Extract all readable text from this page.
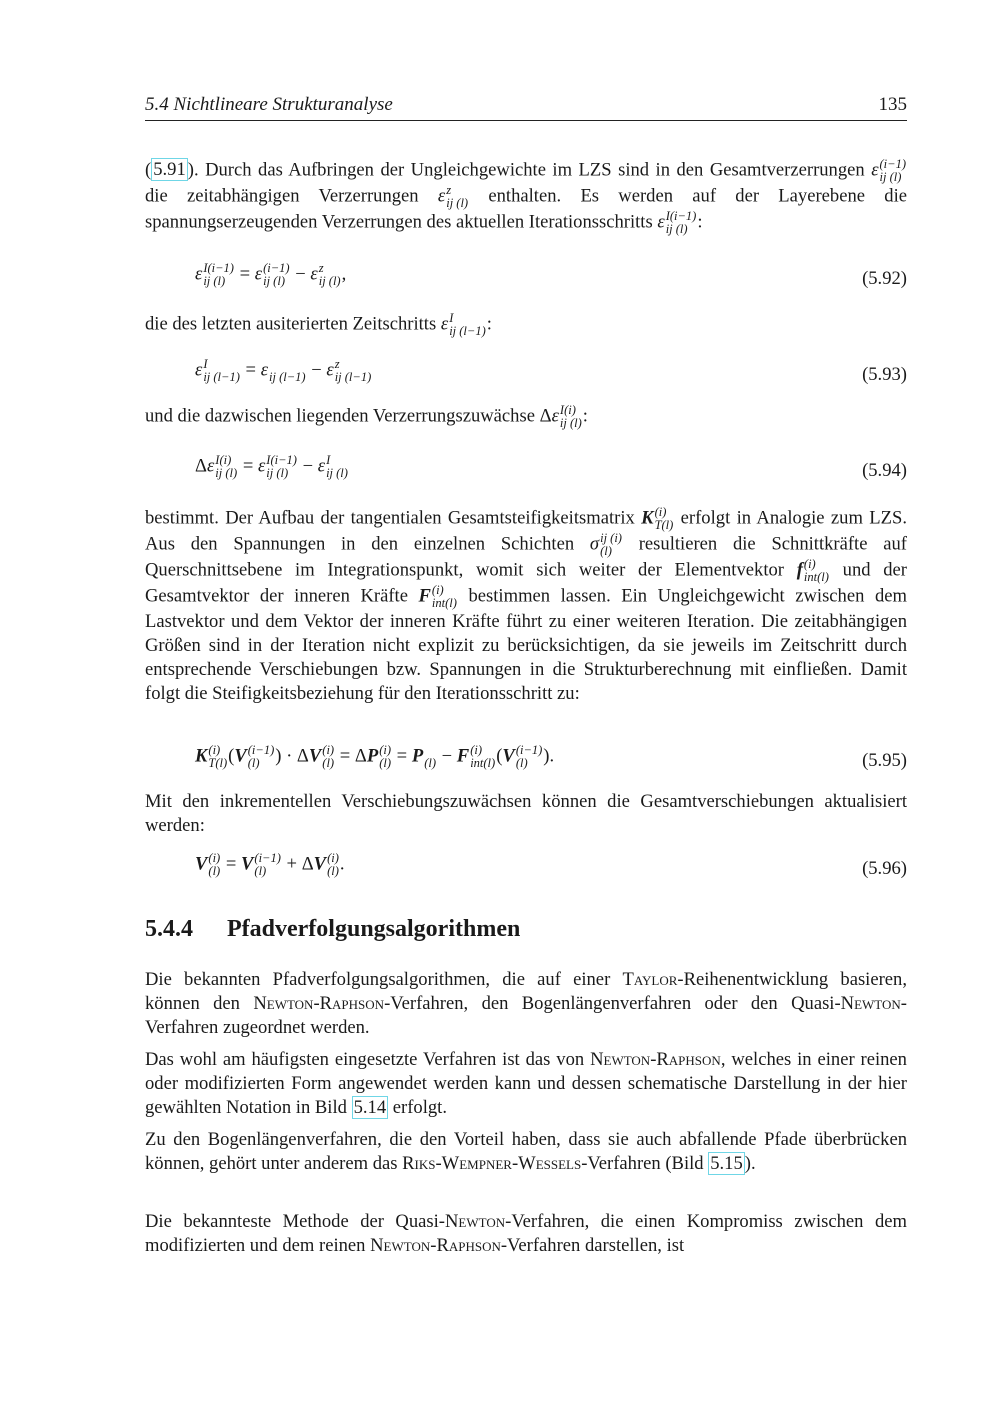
5.4 Nichtlineare Strukturanalyse	135
( 5.91 ). Durch das Aufbringen der Ungleichgewichte im LZS sind in den Gesamtverzerrungen ε (i−1)
ij (l)
die zeitabhängigen Verzerrungen ε z
ij (l) enthalten. Es werden auf der Layerebene die spannungserzeugenden Verzerrungen des aktuellen Iterationsschritts ε I(i−1)
ij (l) :
ε I(i−1)
ij (l) = ε (i−1)
ij (l) − ε z
ij (l) ,	(5.92)
die des letzten ausiterierten Zeitschritts ε I
ij (l−1) :
ε I
ij (l−1) = ε
ij (l−1) − ε z
ij (l−1)	(5.93)
und die dazwischen liegenden Verzerrungszuwächse Δε I(i)
ij (l) :
Δε I(i)
ij (l) = ε I(i−1)
ij (l) − ε I
ij (l)	(5.94)
bestimmt. Der Aufbau der tangentialen Gesamtsteifigkeitsmatrix K (i)
T(l) erfolgt in Analogie zum LZS. Aus den Spannungen in den einzelnen Schichten σ ij (i)
(l)	resultieren die Schnittkräfte auf Querschnittsebene im Integrationspunkt, womit sich weiter der Elementvektor f (i)
int(l) und der Gesamtvektor der inneren Kräfte F (i)
int(l) bestimmen lassen. Ein Ungleichgewicht zwischen dem Lastvektor und dem Vektor der inneren Kräfte führt zu einer weiteren Iteration. Die zeitabhängigen Größen sind in der Iteration nicht explizit zu berücksichtigen, da sie jeweils im Zeitschritt durch entsprechende Verschiebungen bzw. Spannungen in die Strukturberechnung mit einfließen. Damit folgt die Steifigkeitsbeziehung für den Iterationsschritt zu:
K (i)
T(l) (V (i−1)
(l) ) · ΔV (i)
(l) = ΔP (i)
(l) = P
(l) − F (i)
int(l) (V (i−1)
(l) ).	(5.95)
Mit den inkrementellen Verschiebungszuwächsen können die Gesamtverschiebungen aktualisiert werden:
V (i)
(l) = V (i−1)
(l) + ΔV (i)
(l) .	(5.96)
5.4.4 Pfadverfolgungsalgorithmen
Die bekannten Pfadverfolgungsalgorithmen, die auf einer Taylor-Reihenentwicklung basieren, können den Newton-Raphson-Verfahren, den Bogenlängenverfahren oder den Quasi-Newton-Verfahren zugeordnet werden.
Das wohl am häufigsten eingesetzte Verfahren ist das von Newton-Raphson, welches in einer reinen oder modifizierten Form angewendet werden kann und dessen schematische Darstellung in der hier gewählten Notation in Bild 5.14 erfolgt.
Zu den Bogenlängenverfahren, die den Vorteil haben, dass sie auch abfallende Pfade überbrücken können, gehört unter anderem das Riks-Wempner-Wessels-Verfahren (Bild 5.15 ).
Die bekannteste Methode der Quasi-Newton-Verfahren, die einen Kompromiss zwischen dem modifizierten und dem reinen Newton-Raphson-Verfahren darstellen, ist
